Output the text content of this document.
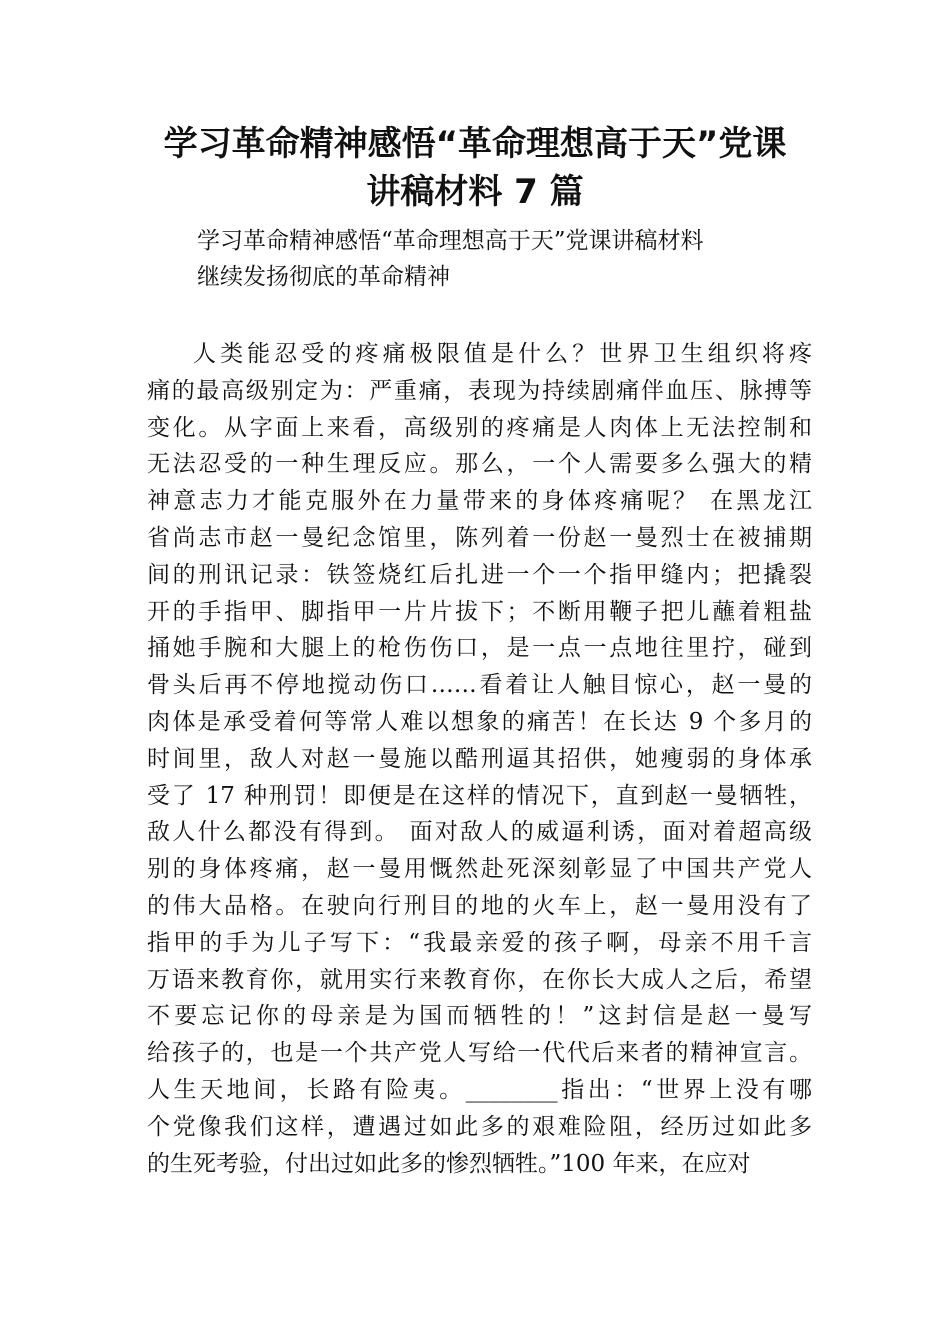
学习革命精神感悟“革命理想高于天”党课
讲稿材料 7 篇

学习革命精神感悟“革命理想高于天”党课讲稿材料

继续发扬彻底的革命精神

人类能忍受的疼痛极限值是什么？世界卫生组织将疼
痛的最高级别定为：严重痛，表现为持续剧痛伴血压、脉搏等
变化。从字面上来看，高级别的疼痛是人肉体上无法控制和
无法忍受的一种生理反应。那么，一个人需要多么强大的精
神意志力才能克服外在力量带来的身体疼痛呢？ 在黑龙江
省尚志市赵一曼纪念馆里，陈列着一份赵一曼烈士在被捕期
间的刑讯记录：铁签烧红后扎进一个一个指甲缝内；把撬裂
开的手指甲、脚指甲一片片拔下；不断用鞭子把儿蘸着粗盐
捅她手腕和大腿上的枪伤伤口，是一点一点地往里拧，碰到
骨头后再不停地搅动伤口……看着让人触目惊心，赵一曼的
肉体是承受着何等常人难以想象的痛苦！在长达 9 个多月的
时间里，敌人对赵一曼施以酷刑逼其招供，她瘦弱的身体承
受了 17 种刑罚！即便是在这样的情况下，直到赵一曼牺牲，
敌人什么都没有得到。 面对敌人的威逼利诱，面对着超高级
别的身体疼痛，赵一曼用慨然赴死深刻彰显了中国共产党人
的伟大品格。在驶向行刑目的地的火车上，赵一曼用没有了
指甲的手为儿子写下：“我最亲爱的孩子啊，母亲不用千言
万语来教育你，就用实行来教育你，在你长大成人之后，希望
不要忘记你的母亲是为国而牺牲的！”这封信是赵一曼写
给孩子的，也是一个共产党人写给一代代后来者的精神宣言。
人生天地间，长路有险夷。________指出：“世界上没有哪
个党像我们这样，遭遇过如此多的艰难险阻，经历过如此多
的生死考验，付出过如此多的惨烈牺牲。”100 年来，在应对
